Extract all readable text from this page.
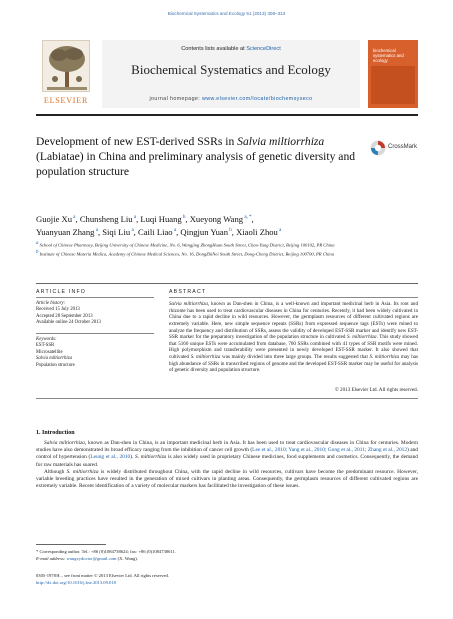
Biochemical Systematics and Ecology 51 (2013) 308–313
ELSEVIER
Contents lists available at ScienceDirect
Biochemical Systematics and Ecology
journal homepage: www.elsevier.com/locate/biochemsyseco
biochemical systematics and ecology
Development of new EST-derived SSRs in Salvia miltiorrhiza (Labiatae) in China and preliminary analysis of genetic diversity and population structure
CrossMark
Guojie Xu $^a$, Chunsheng Liu $^a$, Luqi Huang $^b$, Xueyong Wang $^{a, *}$,
Yuanyuan Zhang $^a$, Siqi Liu $^a$, Caili Liao $^a$, Qingjun Yuan $^b$, Xiaoli Zhou $^a$
$^a$ School of Chinese Pharmacy, Beijing University of Chinese Medicine, No. 6, Wangjing ZhongHuan South Street, Chao-Yang District, Beijing 100102, PR China
$^b$ Institute of Chinese Materia Medica, Academy of Chinese Medical Sciences, No. 16, DongZhiNei South Street, Dong-Cheng District, Beijing 100700, PR China
ARTICLE INFO	ABSTRACT
Article history:
Received 15 July 2013
Accepted 28 September 2013
Available online 24 October 2013
Keywords:
EST-SSR
Microsatellite
Salvia miltiorrhiza
Population structure
Salvia miltiorrhiza, known as Dan-shen in China, is a well-known and important medicinal herb in Asia. Its root and rhizome has been used to treat cardiovascular diseases in China for centuries. Recently, it had been widely cultivated in China due to a rapid decline in wild resources. However, the germplasm resources of different cultivated regions are extremely variable. Here, new simple sequence repeats (SSRs) from expressed sequence tags (ESTs) were mined to analyze the frequency and distribution of SSRs, assess the validity of developed EST-SSR marker and identify new EST-SSR marker for the preparatory investigation of the population structure in cultivated S. miltiorrhiza. This study showed that 5160 unique ESTs were accumulated from database, 760 SSRs combined with 41 types of SSR motifs were mined. High polymorphism and transferability were presented in newly developed EST-SSR marker. It also showed that cultivated S. miltiorrhiza was mainly divided into three large groups. The results suggested that S. miltiorrhiza may has high abundance of SSRs in transcribed regions of genome and the developed EST-SSR marker may be useful for analysis of genetic diversity and population structure.
© 2013 Elsevier Ltd. All rights reserved.
1. Introduction
Salvia miltiorrhiza, known as Dan-shen in China, is an important medicinal herb in Asia. It has been used to treat cardiovascular diseases in China for centuries. Modern studies have also demonstrated its broad efficacy ranging from the inhibition of cancer cell growth (Lee et al., 2010; Yang et al., 2010; Gong et al., 2011; Zhang et al., 2012) and control of hypertension (Leung et al., 2010). S. miltiorrhiza is also widely used in proprietary Chinese medicines, food supplements and cosmetics. Consequently, the demand for raw materials has soared.
Although S. miltiorrhiza is widely distributed throughout China, with the rapid decline in wild resources, cultivars have become the predominant resource. However, variable breeding practices have resulted in the generation of mixed cultivars in planting areas. Consequently, the germplasm resources of different cultivated regions are extremely variable. Recent identification of a variety of molecular markers has facilitated the investigation of these issues.
* Corresponding author. Tel.: +86 (0)1084738624; fax: +86 (0)1084738611.
E-mail address: wangxydoctor@gmail.com (X. Wang).
0305-1978/$ – see front matter © 2013 Elsevier Ltd. All rights reserved.
http://dx.doi.org/10.1016/j.bse.2013.09.018
